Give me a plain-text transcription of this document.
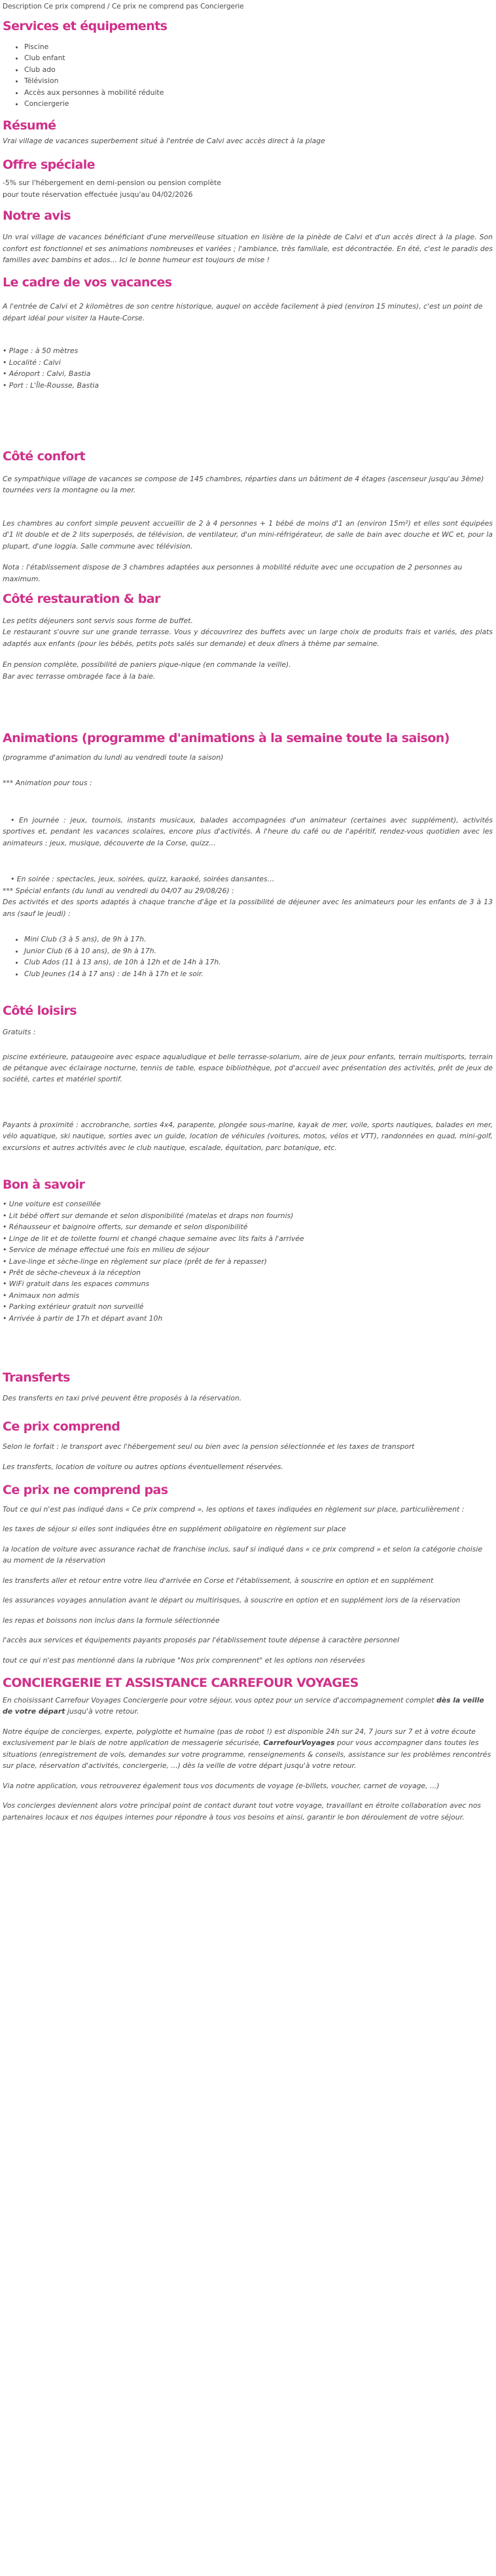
Description Ce prix comprend / Ce prix ne comprend pas Conciergerie

Services et équipements
• Piscine
• Club enfant
• Club ado
• Télévision
• Accès aux personnes à mobilité réduite
• Conciergerie
Résumé

Vrai village de vacances superbement situé à l'entrée de Calvi avec accès direct à la plage

Offre spéciale

-5% sur l'hébergement en demi-pension ou pension complète

pour toute réservation effectuée jusqu'au 04/02/2026

Notre avis

Un vrai village de vacances bénéficiant d'une merveilleuse situation en lisière de la pinède de Calvi et d'un accès direct à la plage. Son confort est fonctionnel et ses animations nombreuses et variées ; l'ambiance, très familiale, est décontractée. En été, c'est le paradis des familles avec bambins et ados… Ici le bonne humeur est toujours de mise !

Le cadre de vos vacances

A l'entrée de Calvi et 2 kilomètres de son centre historique, auquel on accède facilement à pied (environ 15 minutes), c'est un point de départ idéal pour visiter la Haute-Corse.

• Plage : à 50 mètres
• Localité : Calvi
• Aéroport : Calvi, Bastia
• Port : L'Île-Rousse, Bastia
Côté confort

Ce sympathique village de vacances se compose de 145 chambres, réparties dans un bâtiment de 4 étages (ascenseur jusqu'au 3ème) tournées vers la montagne ou la mer.

Les chambres au confort simple peuvent accueillir de 2 à 4 personnes + 1 bébé de moins d'1 an (environ 15m²) et elles sont équipées d'1 lit double et de 2 lits superposés, de télévision, de ventilateur, d'un mini-réfrigérateur, de salle de bain avec douche et WC et, pour la plupart, d'une loggia. Salle commune avec télévision.

Nota : l'établissement dispose de 3 chambres adaptées aux personnes à mobilité réduite avec une occupation de 2 personnes au maximum.

Côté restauration & bar

Les petits déjeuners sont servis sous forme de buffet.

Le restaurant s'ouvre sur une grande terrasse. Vous y découvrirez des buffets avec un large choix de produits frais et variés, des plats adaptés aux enfants (pour les bébés, petits pots salés sur demande) et deux dîners à thème par semaine.

En pension complète, possibilité de paniers pique-nique (en commande la veille).

Bar avec terrasse ombragée face à la baie.

Animations (programme d'animations à la semaine toute la saison)

(programme d'animation du lundi au vendredi toute la saison)

*** Animation pour tous :

• En journée : jeux, tournois, instants musicaux, balades accompagnées d'un animateur (certaines avec supplément), activités sportives et, pendant les vacances scolaires, encore plus d'activités. À l'heure du café ou de l'apéritif, rendez-vous quotidien avec les animateurs : jeux, musique, découverte de la Corse, quizz…

• En soirée : spectacles, jeux, soirées, quizz, karaoké, soirées dansantes…

*** Spécial enfants (du lundi au vendredi du 04/07 au 29/08/26) :

Des activités et des sports adaptés à chaque tranche d'âge et la possibilité de déjeuner avec les animateurs pour les enfants de 3 à 13 ans (sauf le jeudi) :

• Mini Club (3 à 5 ans), de 9h à 17h.
• Junior Club (6 à 10 ans), de 9h à 17h.
• Club Ados (11 à 13 ans), de 10h à 12h et de 14h à 17h.
• Club Jeunes (14 à 17 ans) : de 14h à 17h et le soir.
Côté loisirs

Gratuits :

piscine extérieure, pataugeoire avec espace aqualudique et belle terrasse-solarium, aire de jeux pour enfants, terrain multisports, terrain de pétanque avec éclairage nocturne, tennis de table, espace bibliothèque, pot d'accueil avec présentation des activités, prêt de jeux de société, cartes et matériel sportif.

Payants à proximité : accrobranche, sorties 4x4, parapente, plongée sous-marine, kayak de mer, voile, sports nautiques, balades en mer, vélo aquatique, ski nautique, sorties avec un guide, location de véhicules (voitures, motos, vélos et VTT), randonnées en quad, mini-golf, excursions et autres activités avec le club nautique, escalade, équitation, parc botanique, etc.

Bon à savoir
• Une voiture est conseillée
• Lit bébé offert sur demande et selon disponibilité (matelas et draps non fournis)
• Réhausseur et baignoire offerts, sur demande et selon disponibilité
• Linge de lit et de toilette fourni et changé chaque semaine avec lits faits à l'arrivée
• Service de ménage effectué une fois en milieu de séjour
• Lave-linge et sèche-linge en règlement sur place (prêt de fer à repasser)
• Prêt de sèche-cheveux à la réception
• WiFi gratuit dans les espaces communs
• Animaux non admis
• Parking extérieur gratuit non surveillé
• Arrivée à partir de 17h et départ avant 10h
Transferts

Des transferts en taxi privé peuvent être proposés à la réservation.

Ce prix comprend

Selon le forfait : le transport avec l'hébergement seul ou bien avec la pension sélectionnée et les taxes de transport

Les transferts, location de voiture ou autres options éventuellement réservées.

Ce prix ne comprend pas

Tout ce qui n'est pas indiqué dans « Ce prix comprend », les options et taxes indiquées en règlement sur place, particulièrement :

les taxes de séjour si elles sont indiquées être en supplément obligatoire en règlement sur place

la location de voiture avec assurance rachat de franchise inclus, sauf si indiqué dans « ce prix comprend » et selon la catégorie choisie au moment de la réservation

les transferts aller et retour entre votre lieu d'arrivée en Corse et l'établissement, à souscrire en option et en supplément

les assurances voyages annulation avant le départ ou multirisques, à souscrire en option et en supplément lors de la réservation

les repas et boissons non inclus dans la formule sélectionnée

l'accès aux services et équipements payants proposés par l'établissement toute dépense à caractère personnel

tout ce qui n'est pas mentionné dans la rubrique "Nos prix comprennent" et les options non réservées

CONCIERGERIE ET ASSISTANCE CARREFOUR VOYAGES

En choisissant Carrefour Voyages Conciergerie pour votre séjour, vous optez pour un service d'accompagnement complet dès la veille de votre départ jusqu'à votre retour.

Notre équipe de concierges, experte, polyglotte et humaine (pas de robot !) est disponible 24h sur 24, 7 jours sur 7 et à votre écoute exclusivement par le biais de notre application de messagerie sécurisée, CarrefourVoyages pour vous accompagner dans toutes les situations (enregistrement de vols, demandes sur votre programme, renseignements & conseils, assistance sur les problèmes rencontrés sur place, réservation d'activités, conciergerie, ...) dès la veille de votre départ jusqu'à votre retour.

Via notre application, vous retrouverez également tous vos documents de voyage (e-billets, voucher, carnet de voyage, ...)

Vos concierges deviennent alors votre principal point de contact durant tout votre voyage, travaillant en étroite collaboration avec nos partenaires locaux et nos équipes internes pour répondre à tous vos besoins et ainsi, garantir le bon déroulement de votre séjour.
